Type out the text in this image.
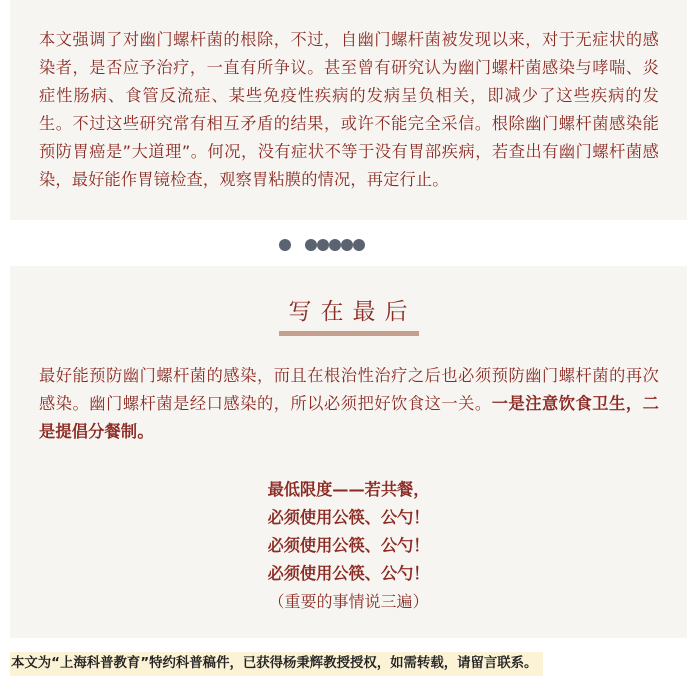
本文强调了对幽门螺杆菌的根除，不过，自幽门螺杆菌被发现以来，对于无症状的感染者，是否应予治疗，一直有所争议。甚至曾有研究认为幽门螺杆菌感染与哮喘、炎症性肠病、食管反流症、某些免疫性疾病的发病呈负相关，即减少了这些疾病的发生。不过这些研究常有相互矛盾的结果，或许不能完全采信。根除幽门螺杆菌感染能预防胃癌是”大道理”。何况，没有症状不等于没有胃部疾病，若查出有幽门螺杆菌感染，最好能作胃镜检查，观察胃粘膜的情况，再定行止。

写在最后

最好能预防幽门螺杆菌的感染，而且在根治性治疗之后也必须预防幽门螺杆菌的再次感染。幽门螺杆菌是经口感染的，所以必须把好饮食这一关。一是注意饮食卫生，二是提倡分餐制。

最低限度——若共餐，
必须使用公筷、公勺！
必须使用公筷、公勺！
必须使用公筷、公勺！
（重要的事情说三遍）
本文为“上海科普教育”特约科普稿件，已获得杨秉辉教授授权，如需转载，请留言联系。
